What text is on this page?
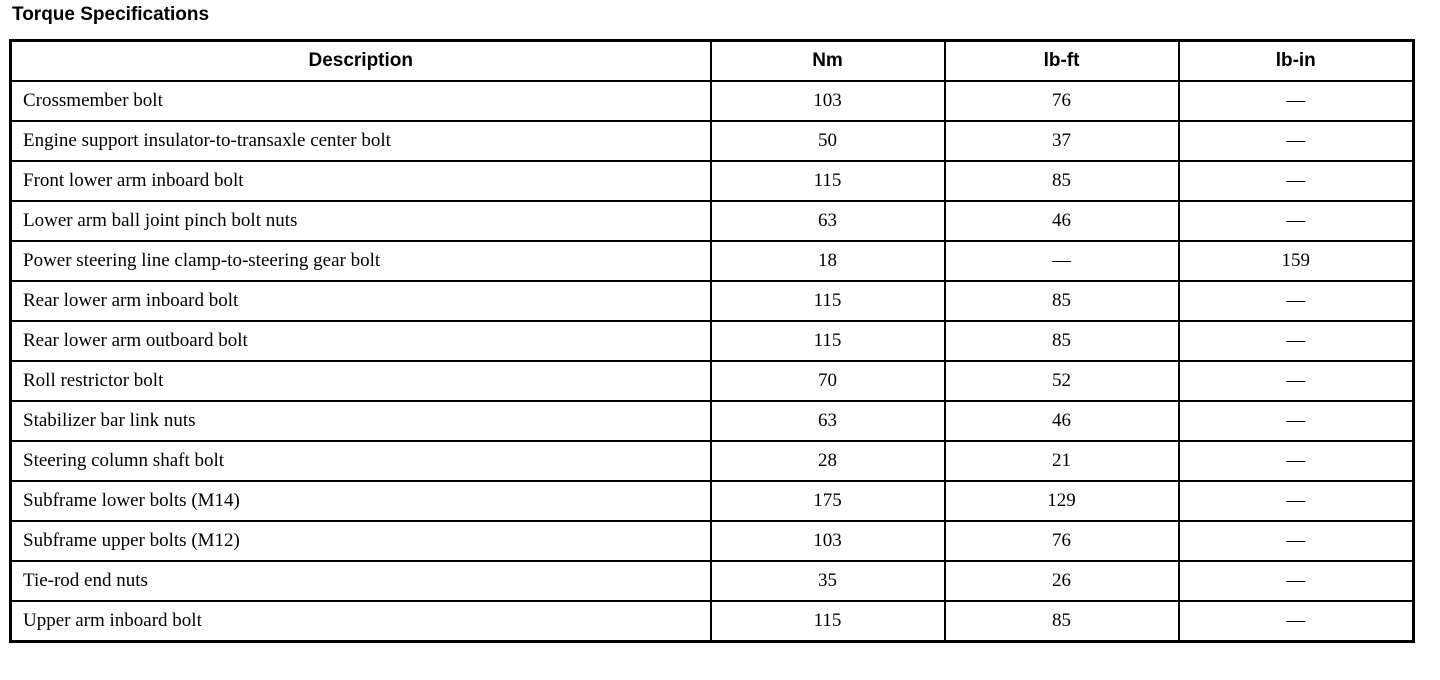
Torque Specifications
Description	Nm	lb-ft	lb-in
Crossmember bolt	103	76	—
Engine support insulator-to-transaxle center bolt	50	37	—
Front lower arm inboard bolt	115	85	—
Lower arm ball joint pinch bolt nuts	63	46	—
Power steering line clamp-to-steering gear bolt	18	—	159
Rear lower arm inboard bolt	115	85	—
Rear lower arm outboard bolt	115	85	—
Roll restrictor bolt	70	52	—
Stabilizer bar link nuts	63	46	—
Steering column shaft bolt	28	21	—
Subframe lower bolts (M14)	175	129	—
Subframe upper bolts (M12)	103	76	—
Tie-rod end nuts	35	26	—
Upper arm inboard bolt	115	85	—
